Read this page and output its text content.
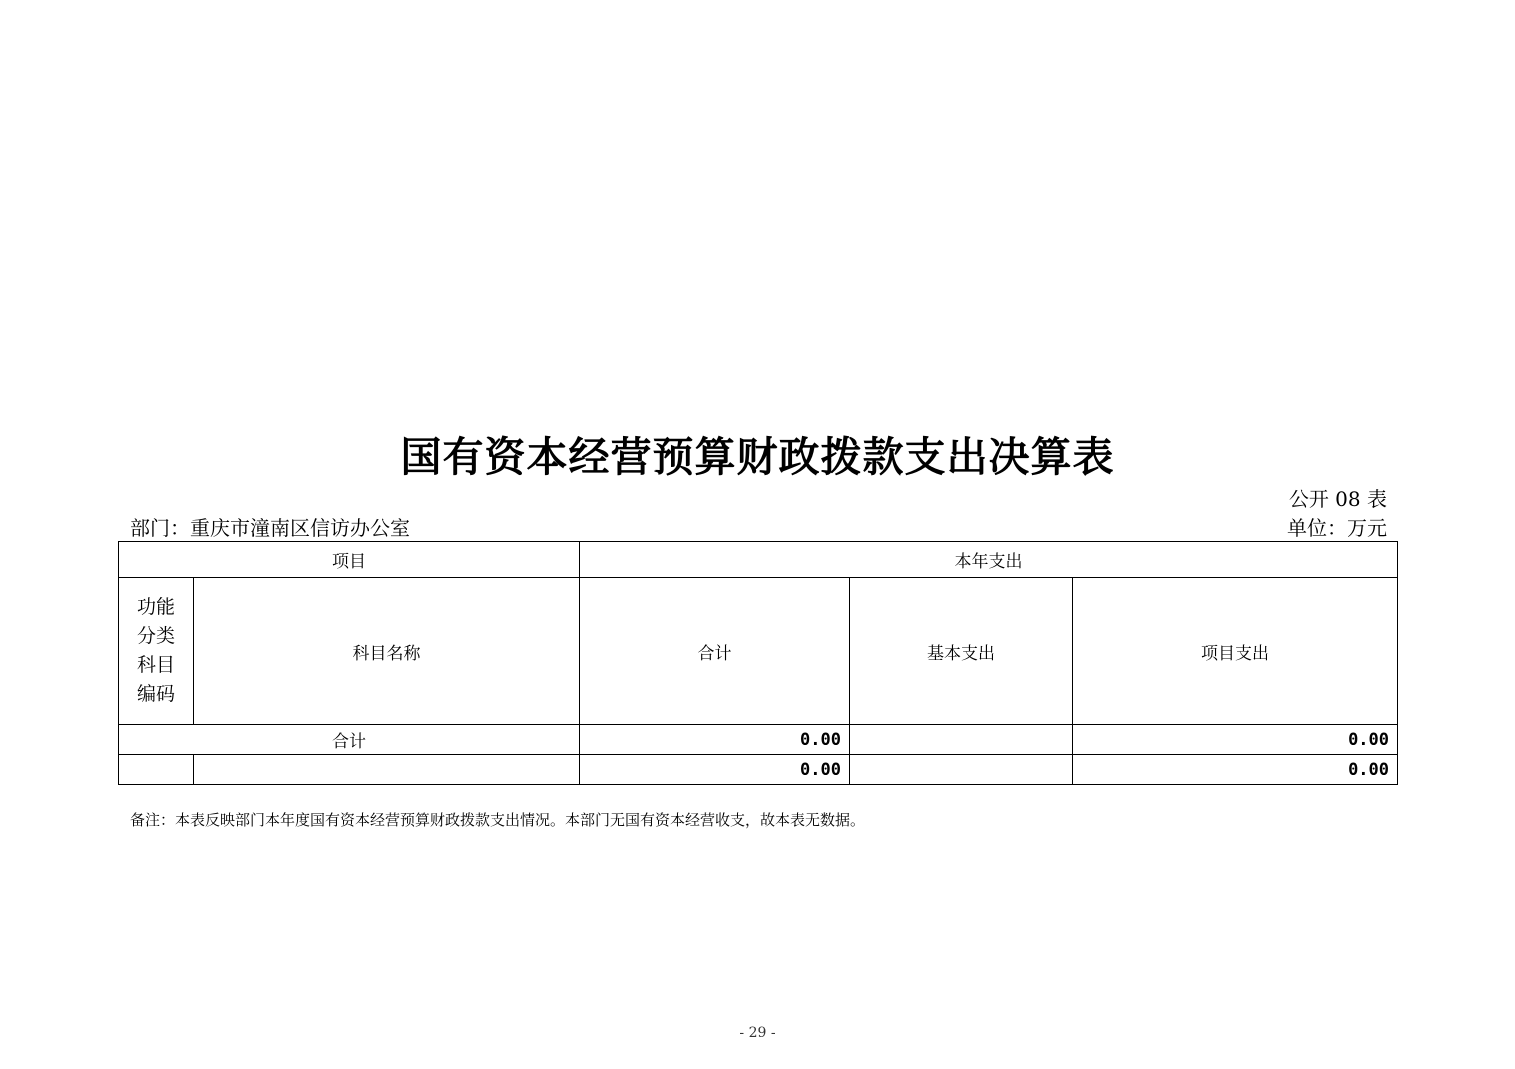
国有资本经营预算财政拨款支出决算表
公开 08 表
部门：重庆市潼南区信访办公室	单位：万元
项目		本年支出		

功能
分类
科目
编码	科目名称	合计	基本支出	项目支出
合计		0.00		0.00
		0.00		0.00
备注：本表反映部门本年度国有资本经营预算财政拨款支出情况。本部门无国有资本经营收支，故本表无数据。
- 29 -
